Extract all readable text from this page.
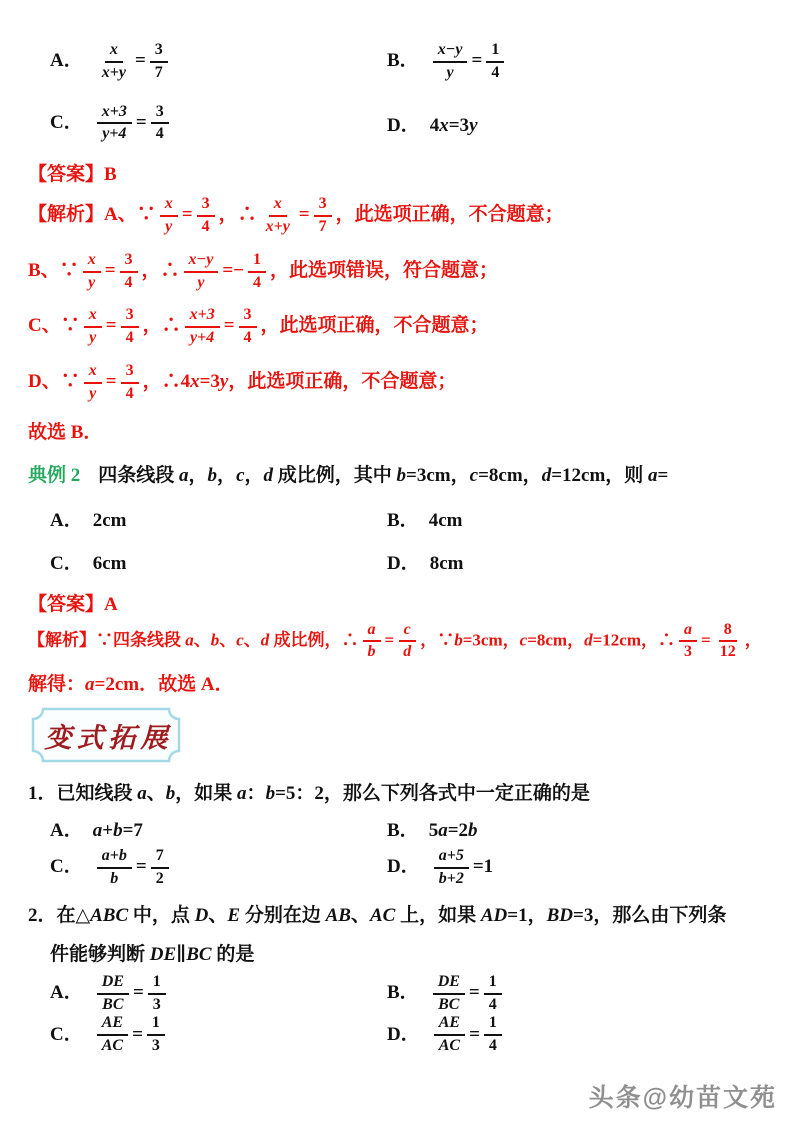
A． $\frac{x}{x+y} = \frac{3}{7}$	B． $\frac{x-y}{y} = \frac{1}{4}$
C． $\frac{x+3}{y+4} = \frac{3}{4}$	D． 4x=3y

【答案】B

【解析】A、∵ $\frac{x}{y} = \frac{3}{4}$ ，∴ $\frac{x}{x+y} = \frac{3}{7}$ ，此选项正确，不合题意；

B、∵ $\frac{x}{y} = \frac{3}{4}$ ，∴ $\frac{x-y}{y} =- \frac{1}{4}$ ，此选项错误，符合题意；

C、∵ $\frac{x}{y} = \frac{3}{4}$ ，∴ $\frac{x+3}{y+4} = \frac{3}{4}$ ，此选项正确，不合题意；

D、∵ $\frac{x}{y} = \frac{3}{4}$ ，∴4x=3y，此选项正确，不合题意；

故选 B．

典例 2 四条线段 a，b，c，d 成比例，其中 b=3cm，c=8cm，d=12cm，则 a=

A． 2cm	B． 4cm
C． 6cm	D． 8cm

【答案】A

【解析】∵四条线段 a、b、c、d 成比例，∴ $\frac{a}{b} = \frac{c}{d}$ ，∵b=3cm，c=8cm，d=12cm，∴ $\frac{a}{3} = \frac{8}{12}$ ，

解得：a=2cm．故选 A．

变式拓展

1．已知线段 a、b，如果 a：b=5：2，那么下列各式中一定正确的是

A． a+b=7	B． 5a=2b
C． $\frac{a+b}{b} = \frac{7}{2}$	D． $\frac{a+5}{b+2} =1$

2．在△ABC 中，点 D、E 分别在边 AB、AC 上，如果 AD=1，BD=3，那么由下列条

件能够判断 DE∥BC 的是

A． $\frac{DE}{BC} = \frac{1}{3}$	B． $\frac{DE}{BC} = \frac{1}{4}$
C． $\frac{AE}{AC} = \frac{1}{3}$	D． $\frac{AE}{AC} = \frac{1}{4}$
头条@幼苗文苑
